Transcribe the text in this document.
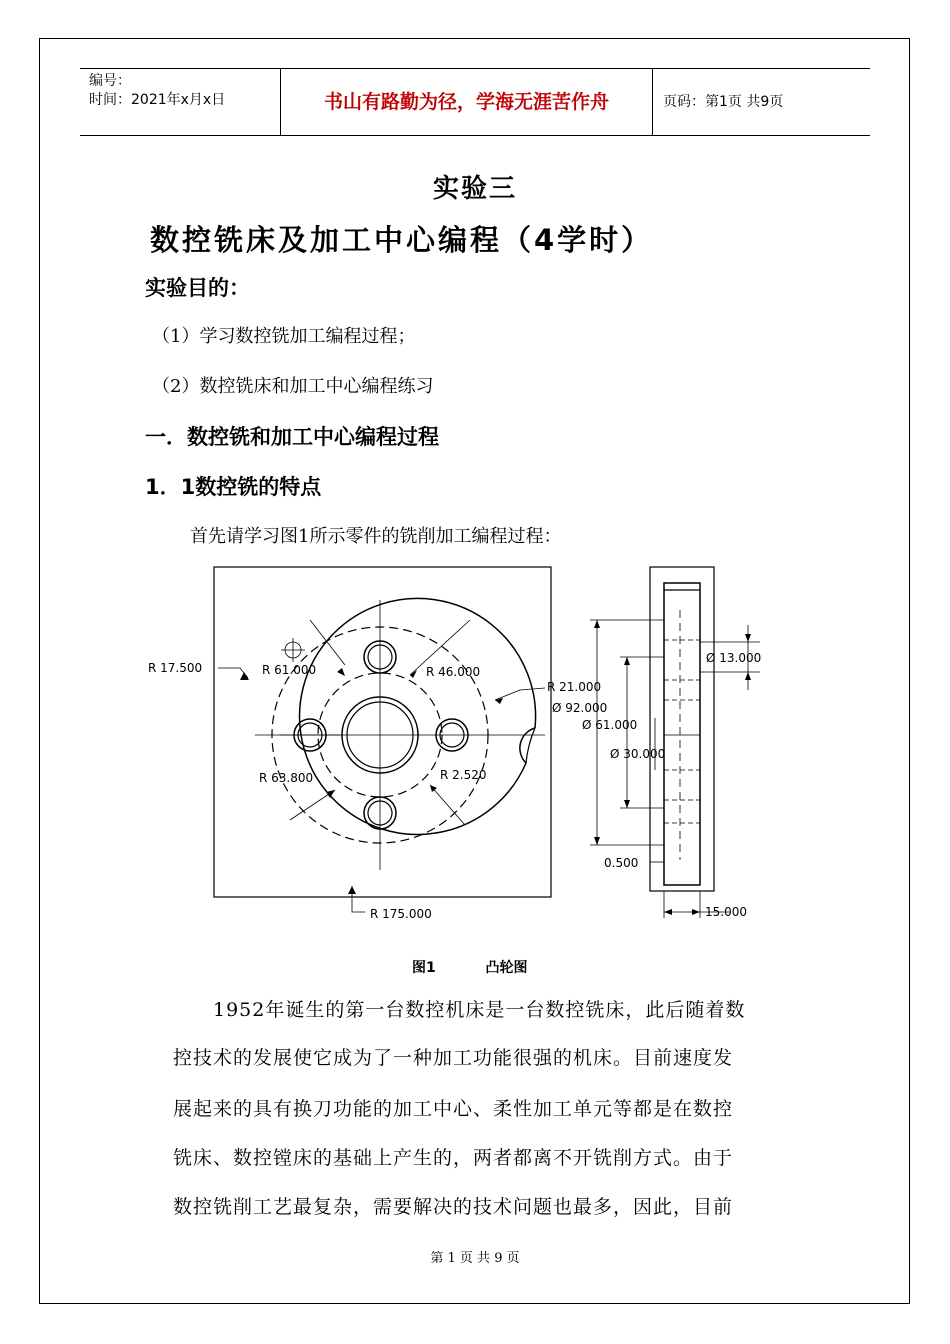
编号：
时间：2021年x月x日	书山有路勤为径，学海无涯苦作舟	页码：第1页 共9页
实验三
数控铣床及加工中心编程（4学时）
实验目的：
（1）学习数控铣加工编程过程；
（2）数控铣床和加工中心编程练习
一．数控铣和加工中心编程过程
1．1数控铣的特点
首先请学习图1所示零件的铣削加工编程过程：
R 17.500	R 61.000	R 46.000
R 21.000
Ø 92.000
Ø 61.000
Ø 30.000
R 63.800	R 2.520
R 175.000
Ø 13.000
0.500
15.000
图1	凸轮图
1952年诞生的第一台数控机床是一台数控铣床，此后随着数
控技术的发展使它成为了一种加工功能很强的机床。目前速度发
展起来的具有换刀功能的加工中心、柔性加工单元等都是在数控
铣床、数控镗床的基础上产生的，两者都离不开铣削方式。由于
数控铣削工艺最复杂，需要解决的技术问题也最多，因此，目前
第 1 页 共 9 页
